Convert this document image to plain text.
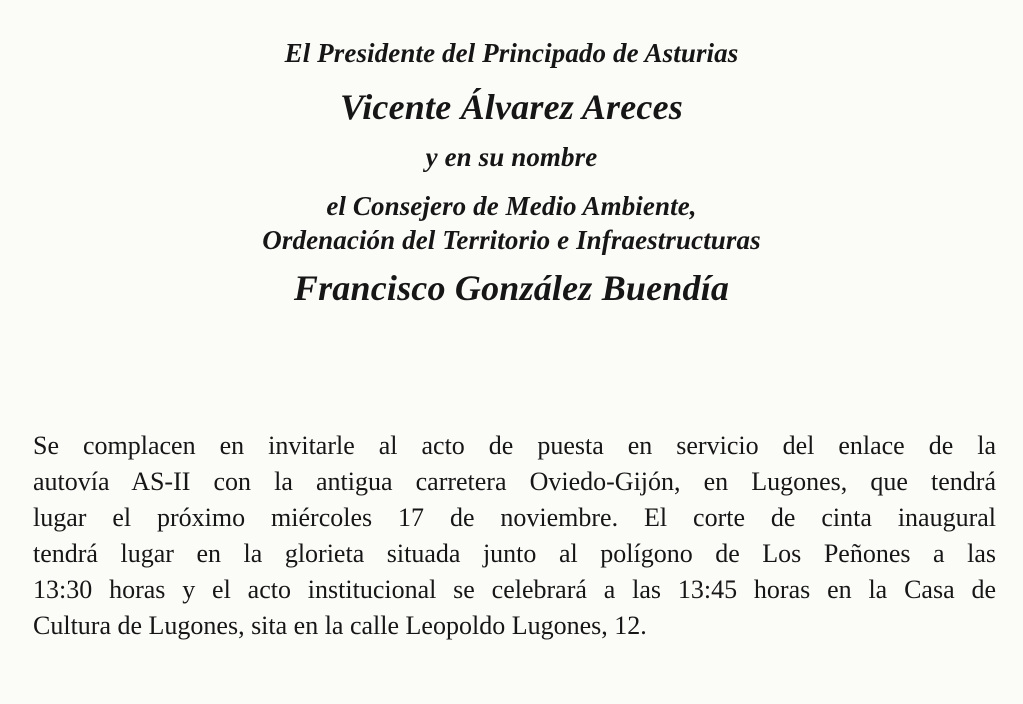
El Presidente del Principado de Asturias
Vicente Álvarez Areces
y en su nombre
el Consejero de Medio Ambiente,
Ordenación del Territorio e Infraestructuras
Francisco González Buendía
Se complacen en invitarle al acto de puesta en servicio del enlace de la
autovía AS-II con la antigua carretera Oviedo-Gijón, en Lugones, que tendrá
lugar el próximo miércoles 17 de noviembre. El corte de cinta inaugural
tendrá lugar en la glorieta situada junto al polígono de Los Peñones a las
13:30 horas y el acto institucional se celebrará a las 13:45 horas en la Casa de
Cultura de Lugones, sita en la calle Leopoldo Lugones, 12.
